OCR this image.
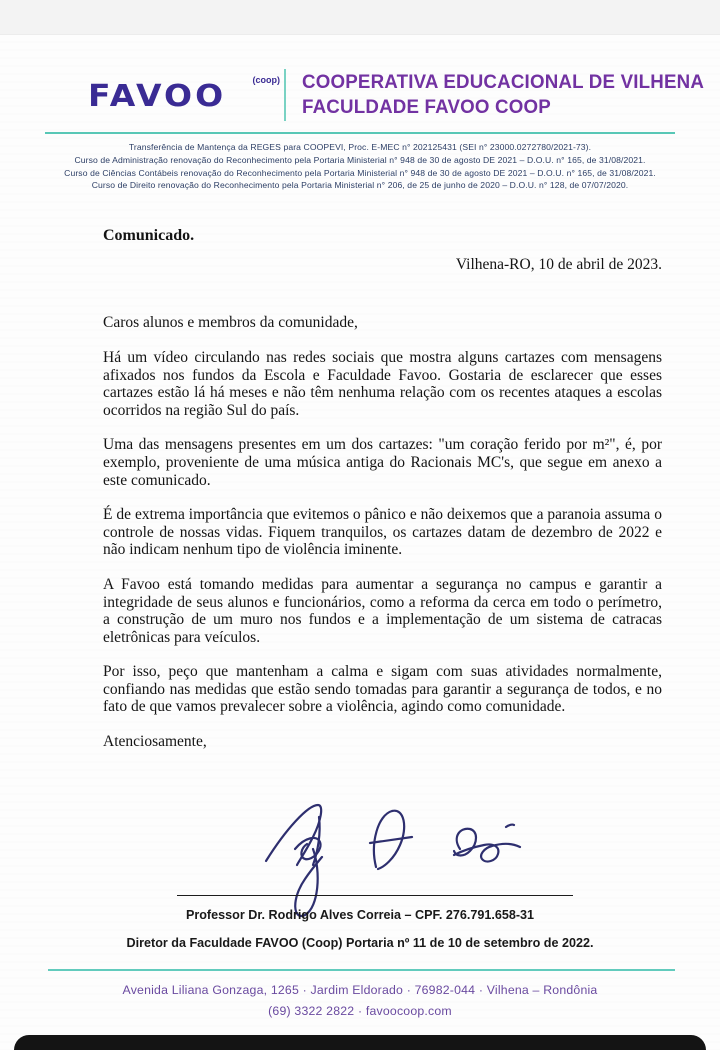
FAVOO	(coop) COOPERATIVA EDUCACIONAL DE VILHENA
FACULDADE FAVOO COOP
Transferência de Mantença da REGES para COOPEVI, Proc. E-MEC n° 202125431 (SEI n° 23000.0272780/2021-73).
Curso de Administração renovação do Reconhecimento pela Portaria Ministerial n° 948 de 30 de agosto DE 2021 – D.O.U. n° 165, de 31/08/2021.
Curso de Ciências Contábeis renovação do Reconhecimento pela Portaria Ministerial n° 948 de 30 de agosto DE 2021 – D.O.U. n° 165, de 31/08/2021.
Curso de Direito renovação do Reconhecimento pela Portaria Ministerial n° 206, de 25 de junho de 2020 – D.O.U. n° 128, de 07/07/2020.
Comunicado.
Vilhena-RO, 10 de abril de 2023.
Caros alunos e membros da comunidade,

Há um vídeo circulando nas redes sociais que mostra alguns cartazes com mensagens afixados nos fundos da Escola e Faculdade Favoo. Gostaria de esclarecer que esses cartazes estão lá há meses e não têm nenhuma relação com os recentes ataques a escolas ocorridos na região Sul do país.

Uma das mensagens presentes em um dos cartazes: "um coração ferido por m²", é, por exemplo, proveniente de uma música antiga do Racionais MC's, que segue em anexo a este comunicado.

É de extrema importância que evitemos o pânico e não deixemos que a paranoia assuma o controle de nossas vidas. Fiquem tranquilos, os cartazes datam de dezembro de 2022 e não indicam nenhum tipo de violência iminente.

A Favoo está tomando medidas para aumentar a segurança no campus e garantir a integridade de seus alunos e funcionários, como a reforma da cerca em todo o perímetro, a construção de um muro nos fundos e a implementação de um sistema de catracas eletrônicas para veículos.

Por isso, peço que mantenham a calma e sigam com suas atividades normalmente, confiando nas medidas que estão sendo tomadas para garantir a segurança de todos, e no fato de que vamos prevalecer sobre a violência, agindo como comunidade.

Atenciosamente,

Professor Dr. Rodrigo Alves Correia – CPF. 276.791.658-31
Diretor da Faculdade FAVOO (Coop) Portaria nº 11 de 10 de setembro de 2022.
Avenida Liliana Gonzaga, 1265 · Jardim Eldorado · 76982-044 · Vilhena – Rondônia
(69) 3322 2822 · favoocoop.com
